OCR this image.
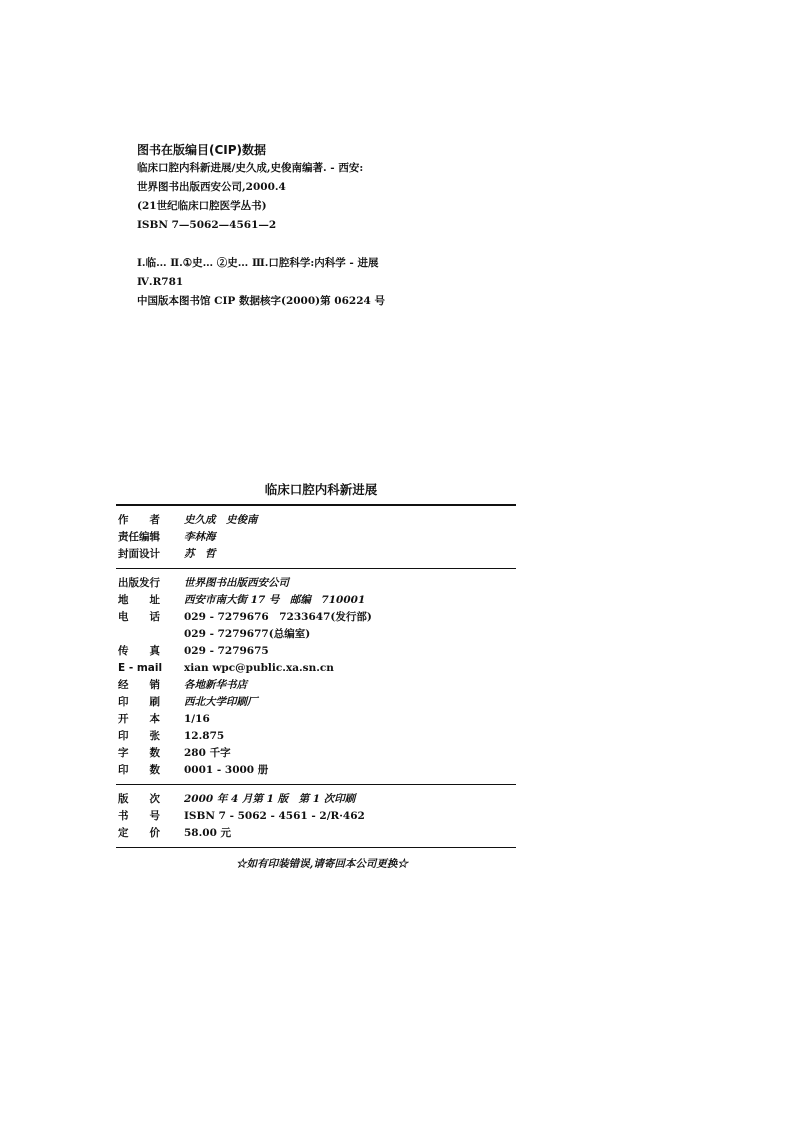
图书在版编目(CIP)数据
临床口腔内科新进展/史久成,史俊南编著. - 西安:
世界图书出版西安公司,2000.4
(21世纪临床口腔医学丛书)
ISBN 7—5062—4561—2
Ⅰ.临… Ⅱ.①史… ②史… Ⅲ.口腔科学:内科学 - 进展
Ⅳ.R781
中国版本图书馆 CIP 数据核字(2000)第 06224 号
临床口腔内科新进展
作　　者	史久成　史俊南
责任编辑	李林海
封面设计	苏　哲
出版发行	世界图书出版西安公司
地　　址	西安市南大街 17 号　邮编　710001
电　　话	029 - 7279676　7233647(发行部)
029 - 7279677(总编室)
传　　真	029 - 7279675
E - mail	xian wpc@public.xa.sn.cn
经　　销	各地新华书店
印　　刷	西北大学印刷厂
开　　本	1/16
印　　张	12.875
字　　数	280 千字
印　　数	0001 - 3000 册
版　　次	2000 年 4 月第 1 版　第 1 次印刷
书　　号	ISBN 7 - 5062 - 4561 - 2/R·462
定　　价	58.00 元
☆如有印装错误,请寄回本公司更换☆
